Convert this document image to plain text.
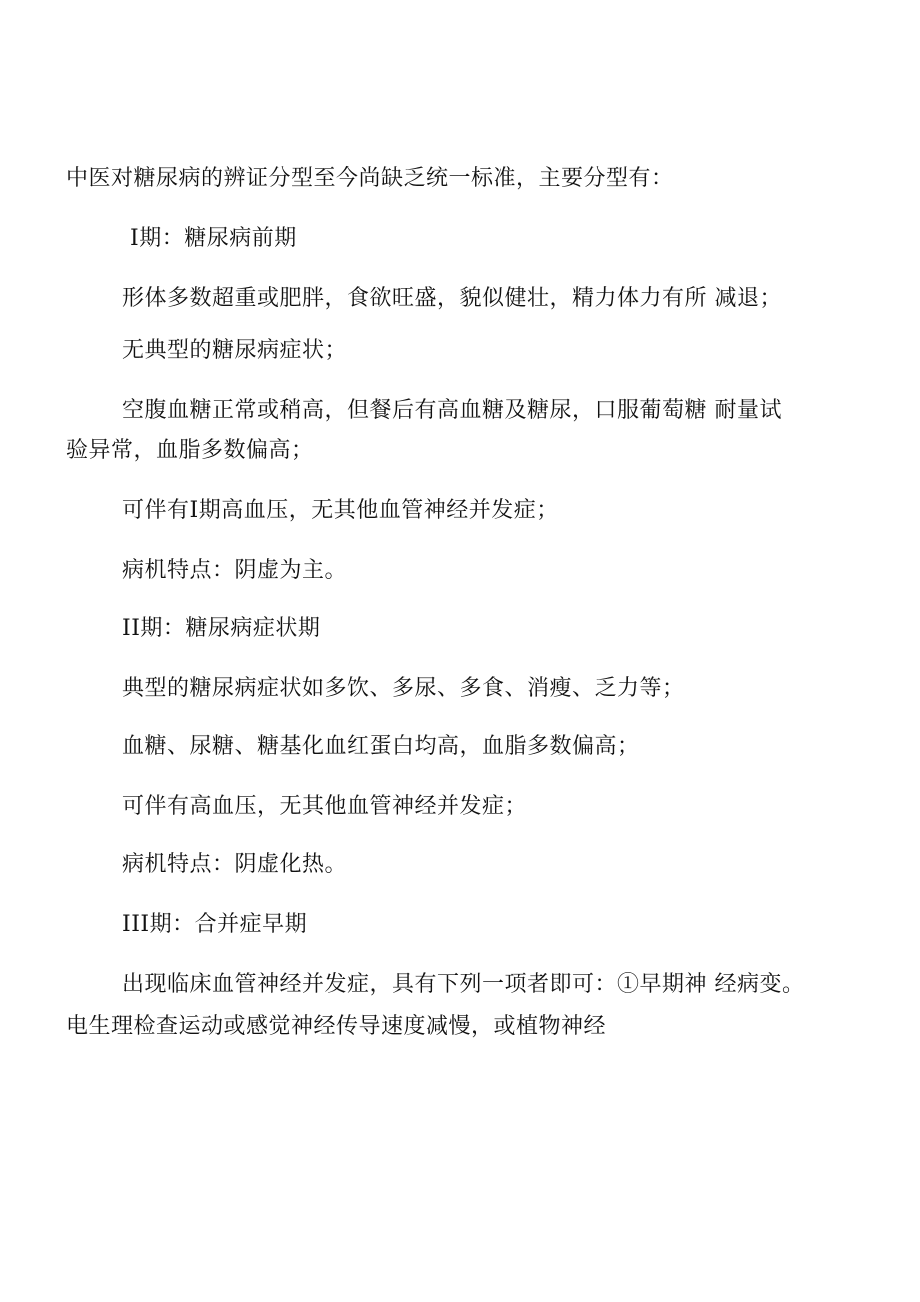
中医对糖尿病的辨证分型至今尚缺乏统一标准，主要分型有：

I期：糖尿病前期

形体多数超重或肥胖，食欲旺盛，貌似健壮，精力体力有所 减退；

无典型的糖尿病症状；

空腹血糖正常或稍高，但餐后有高血糖及糖尿，口服葡萄糖 耐量试

验异常，血脂多数偏高；

可伴有I期高血压，无其他血管神经并发症；

病机特点：阴虚为主。

II期：糖尿病症状期

典型的糖尿病症状如多饮、多尿、多食、消瘦、乏力等；

血糖、尿糖、糖基化血红蛋白均高，血脂多数偏高；

可伴有高血压，无其他血管神经并发症；

病机特点：阴虚化热。

III期：合并症早期

出现临床血管神经并发症，具有下列一项者即可：①早期神 经病变。

电生理检查运动或感觉神经传导速度减慢，或植物神经
